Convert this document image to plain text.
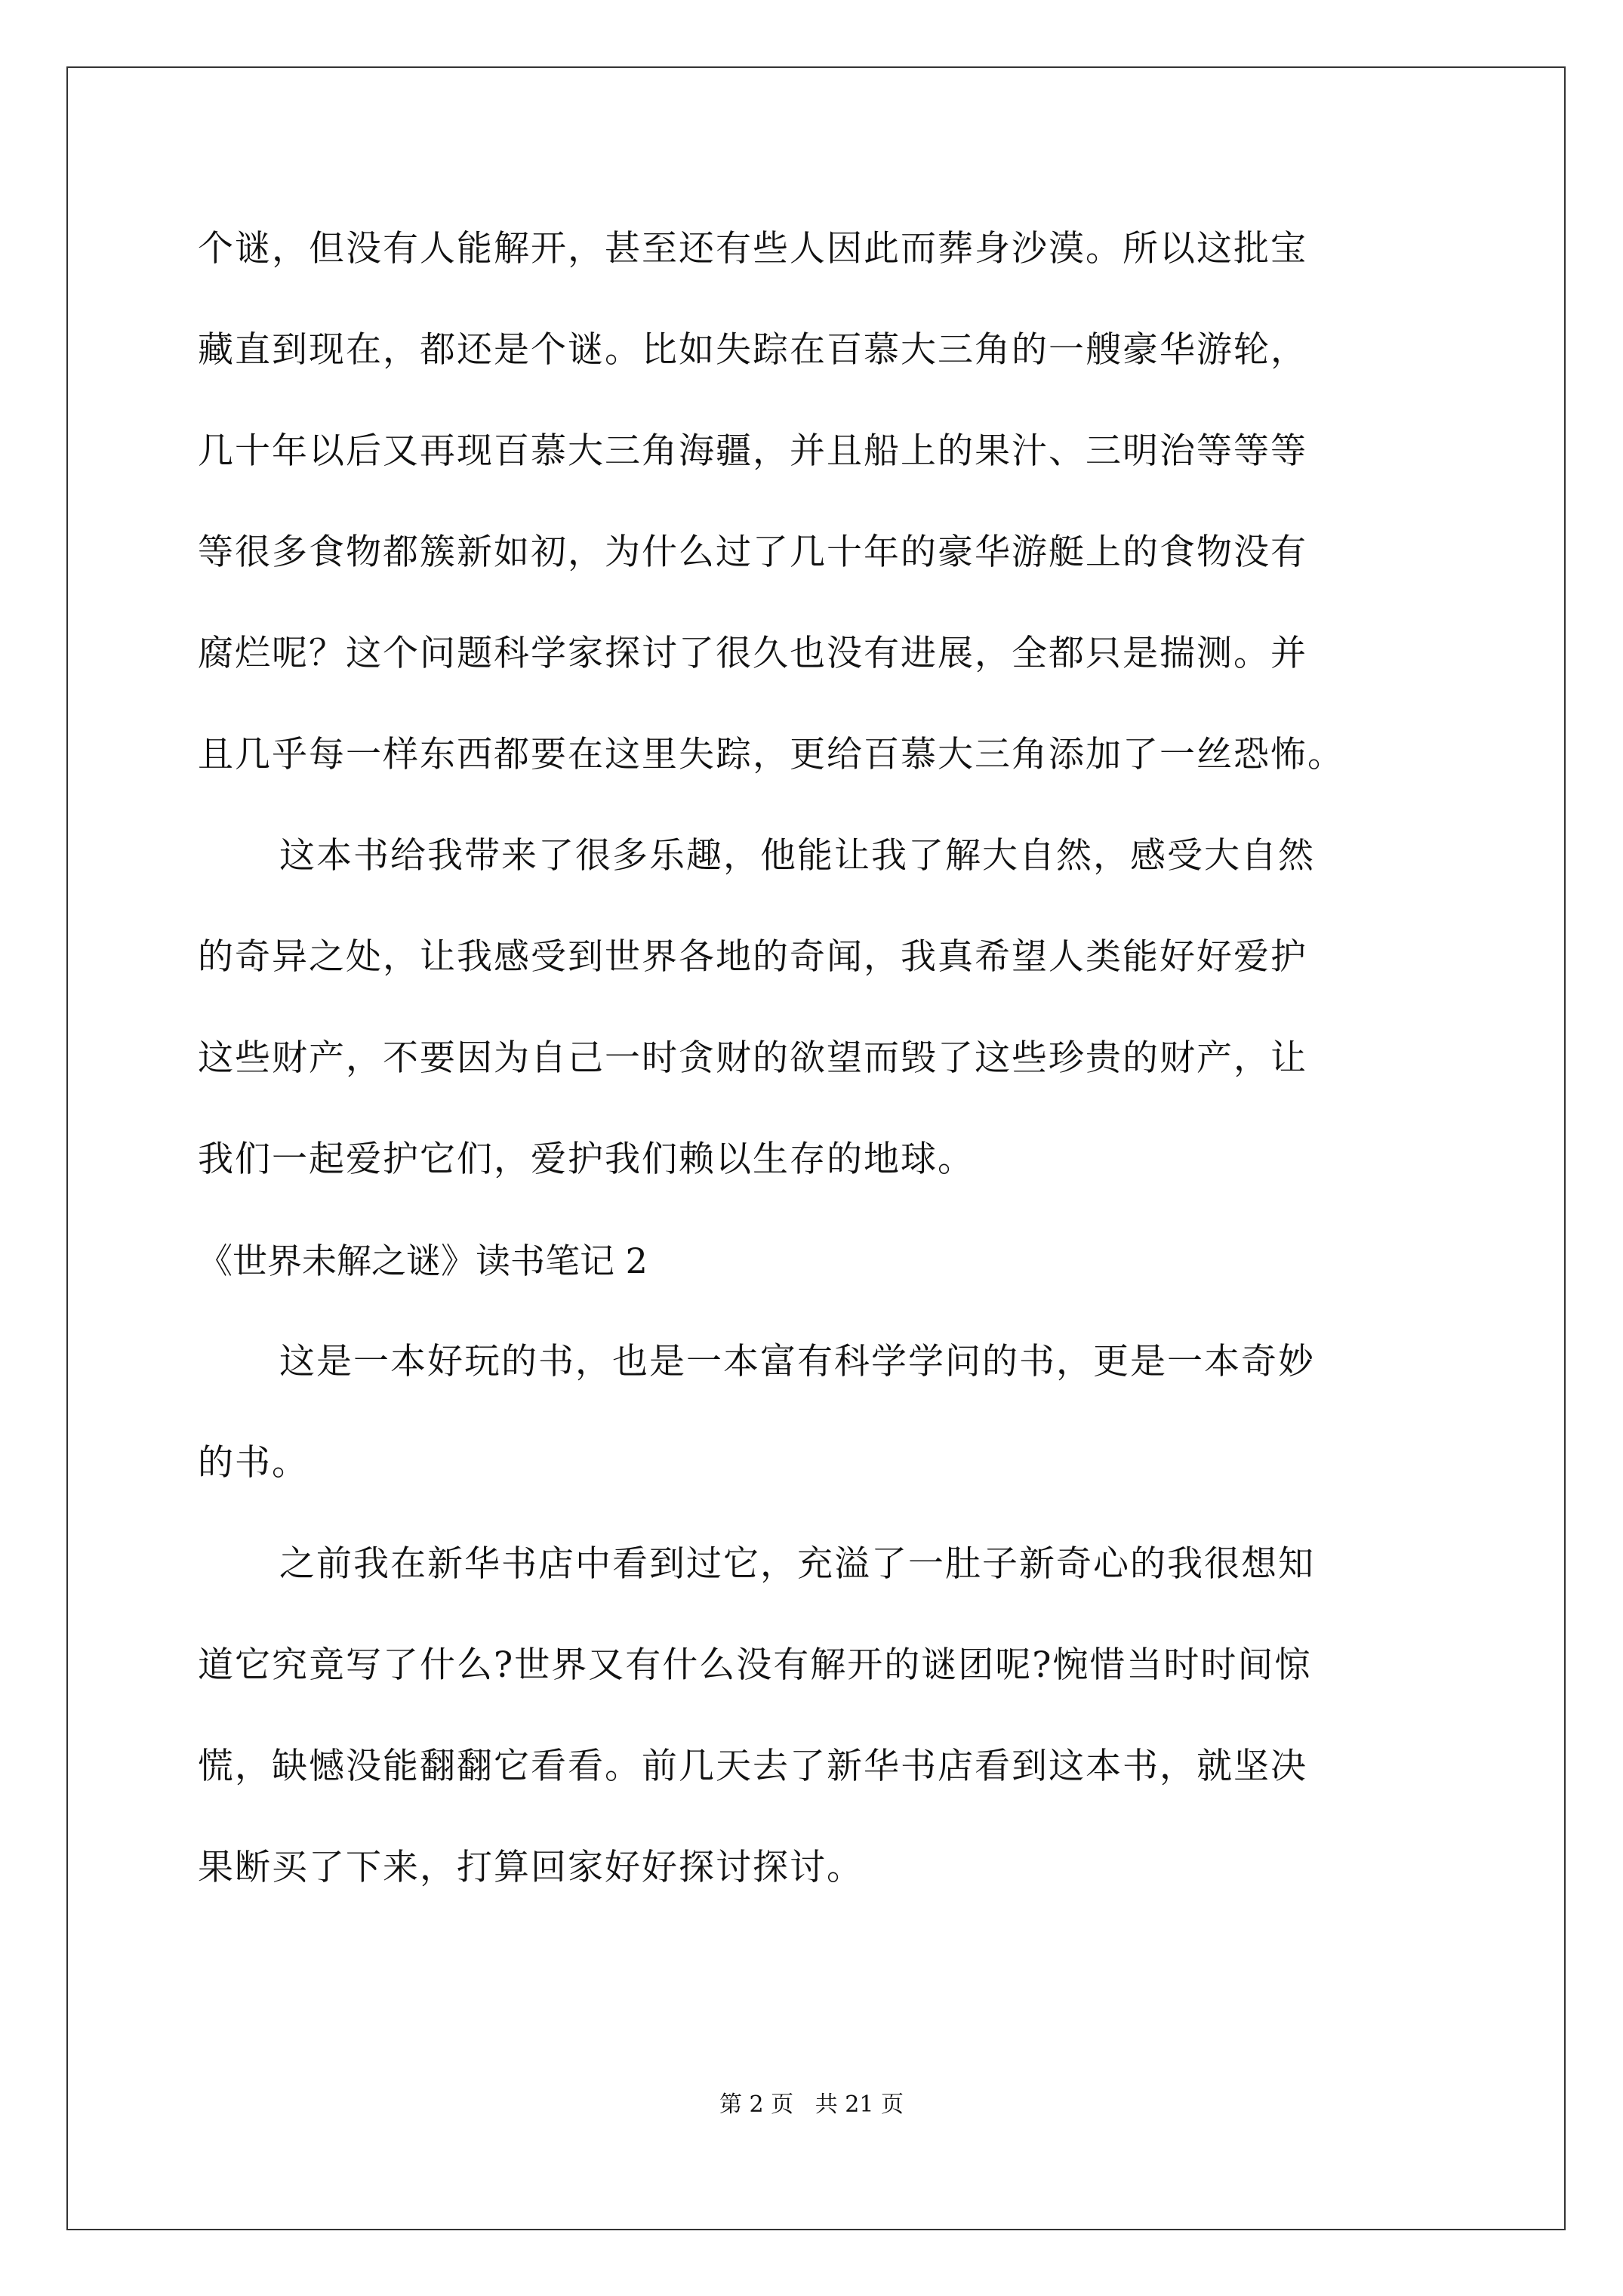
个谜，但没有人能解开，甚至还有些人因此而葬身沙漠。所以这批宝
藏直到现在，都还是个谜。比如失踪在百慕大三角的一艘豪华游轮，
几十年以后又再现百慕大三角海疆，并且船上的果汁、三明治等等等
等很多食物都簇新如初，为什么过了几十年的豪华游艇上的食物没有
腐烂呢？这个问题科学家探讨了很久也没有进展，全都只是揣测。并
且几乎每一样东西都要在这里失踪，更给百慕大三角添加了一丝恐怖。
这本书给我带来了很多乐趣，他能让我了解大自然，感受大自然
的奇异之处，让我感受到世界各地的奇闻，我真希望人类能好好爱护
这些财产，不要因为自己一时贪财的欲望而毁了这些珍贵的财产，让
我们一起爱护它们，爱护我们赖以生存的地球。
《世界未解之谜》读书笔记 2
这是一本好玩的书，也是一本富有科学学问的书，更是一本奇妙
的书。
之前我在新华书店中看到过它，充溢了一肚子新奇心的我很想知
道它究竟写了什么?世界又有什么没有解开的谜团呢?惋惜当时时间惊
慌，缺憾没能翻翻它看看。前几天去了新华书店看到这本书，就坚决
果断买了下来，打算回家好好探讨探讨。
第 2 页   共 21 页
